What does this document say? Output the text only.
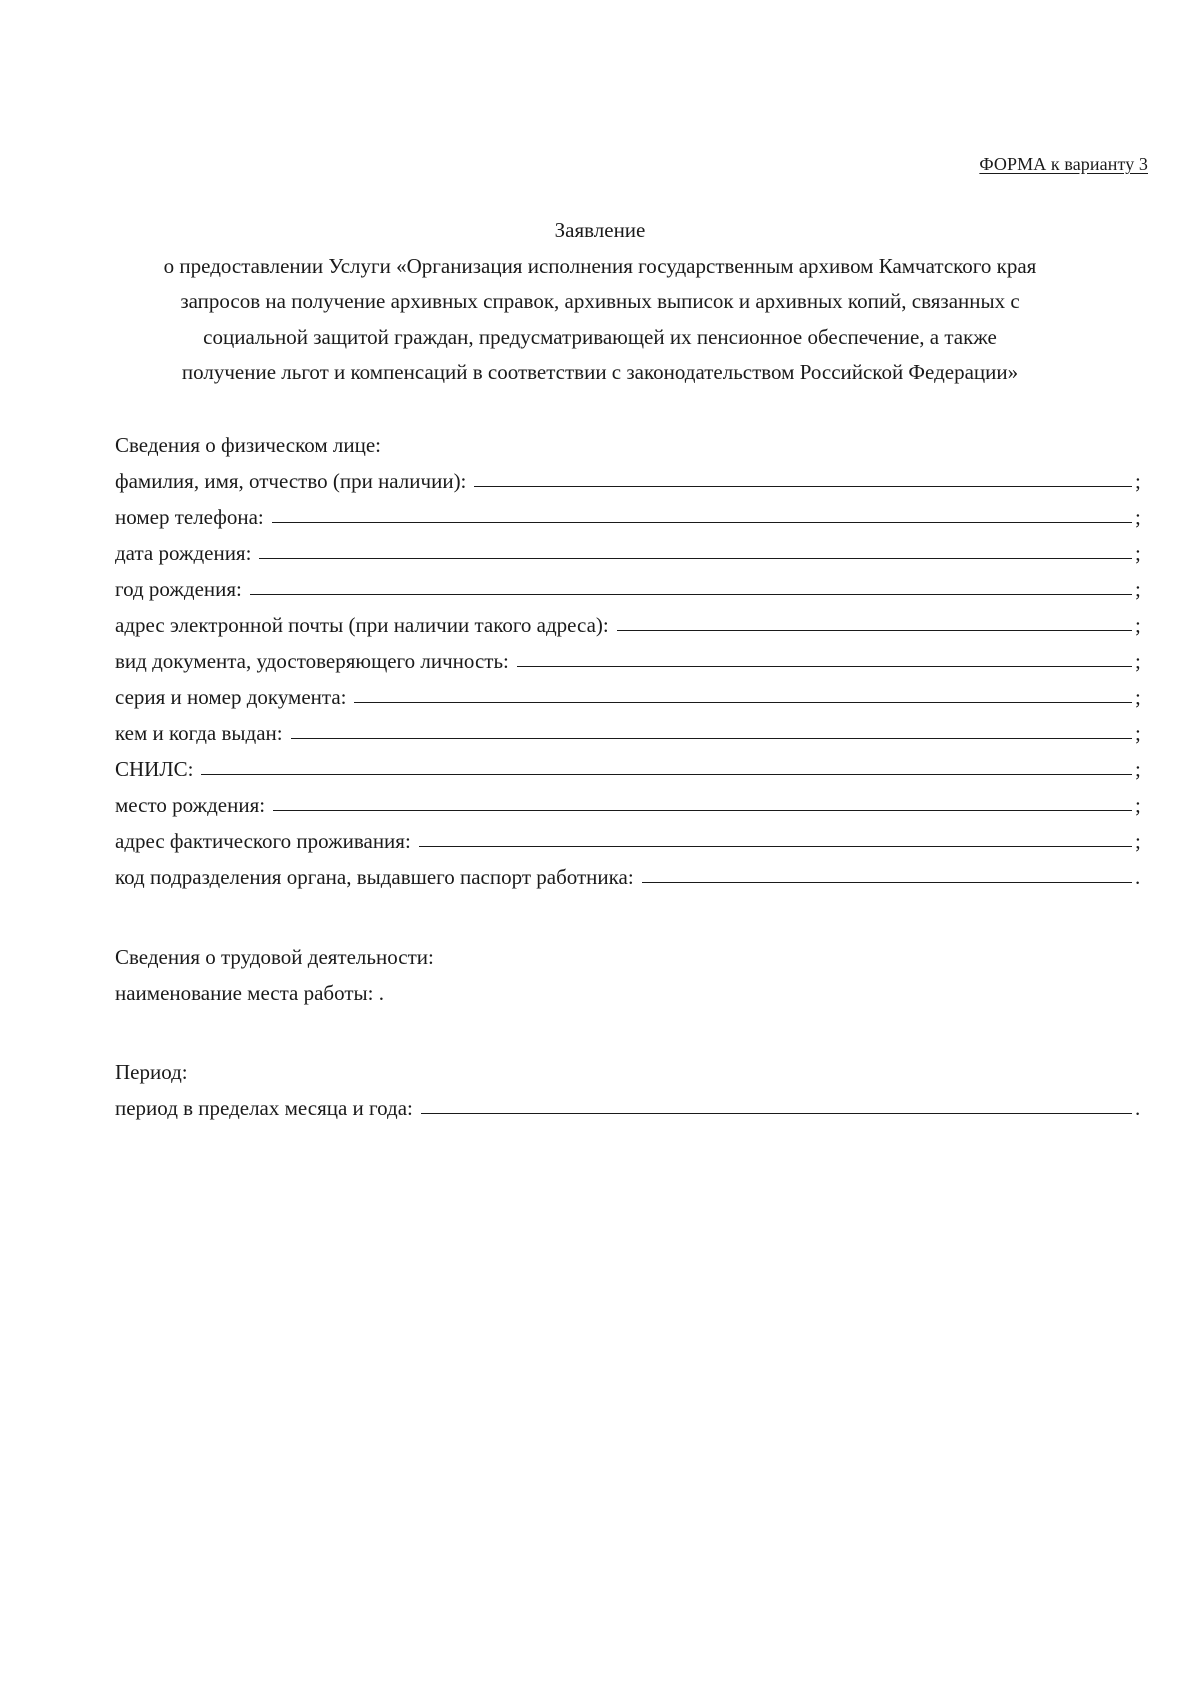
ФОРМА к варианту 3
Заявление
о предоставлении Услуги «Организация исполнения государственным архивом Камчатского края
запросов на получение архивных справок, архивных выписок и архивных копий, связанных с
социальной защитой граждан, предусматривающей их пенсионное обеспечение, а также
получение льгот и компенсаций в соответствии с законодательством Российской Федерации»
Сведения о физическом лице:
фамилия, имя, отчество (при наличии):	;
номер телефона:	;
дата рождения:	;
год рождения:	;
адрес электронной почты (при наличии такого адреса):	;
вид документа, удостоверяющего личность:	;
серия и номер документа:	;
кем и когда выдан:	;
СНИЛС:	;
место рождения:	;
адрес фактического проживания:	;
код подразделения органа, выдавшего паспорт работника:	.
Сведения о трудовой деятельности:
наименование места работы: .
Период:
период в пределах месяца и года:	.
